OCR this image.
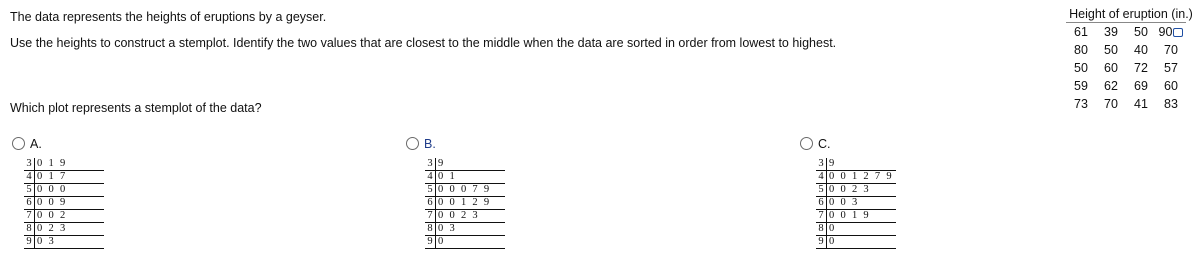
The data represents the heights of eruptions by a geyser.
Use the heights to construct a stemplot. Identify the two values that are closest to the middle when the data are sorted in order from lowest to highest.
Which plot represents a stemplot of the data?
Height of eruption (in.)
61	39	50	90
80	50	40	70
50	60	72	57
59	62	69	60
73	70	41	83
A.
3	0 1 9
4	0 1 7
5	0 0 0
6	0 0 9
7	0 0 2
8	0 2 3
9	0 3
B.
3	9
4	0 1
5	0 0 0 7 9
6	0 0 1 2 9
7	0 0 2 3
8	0 3
9	0
C.
3	9
4	0 0 1 2 7 9
5	0 0 2 3
6	0 0 3
7	0 0 1 9
8	0
9	0
